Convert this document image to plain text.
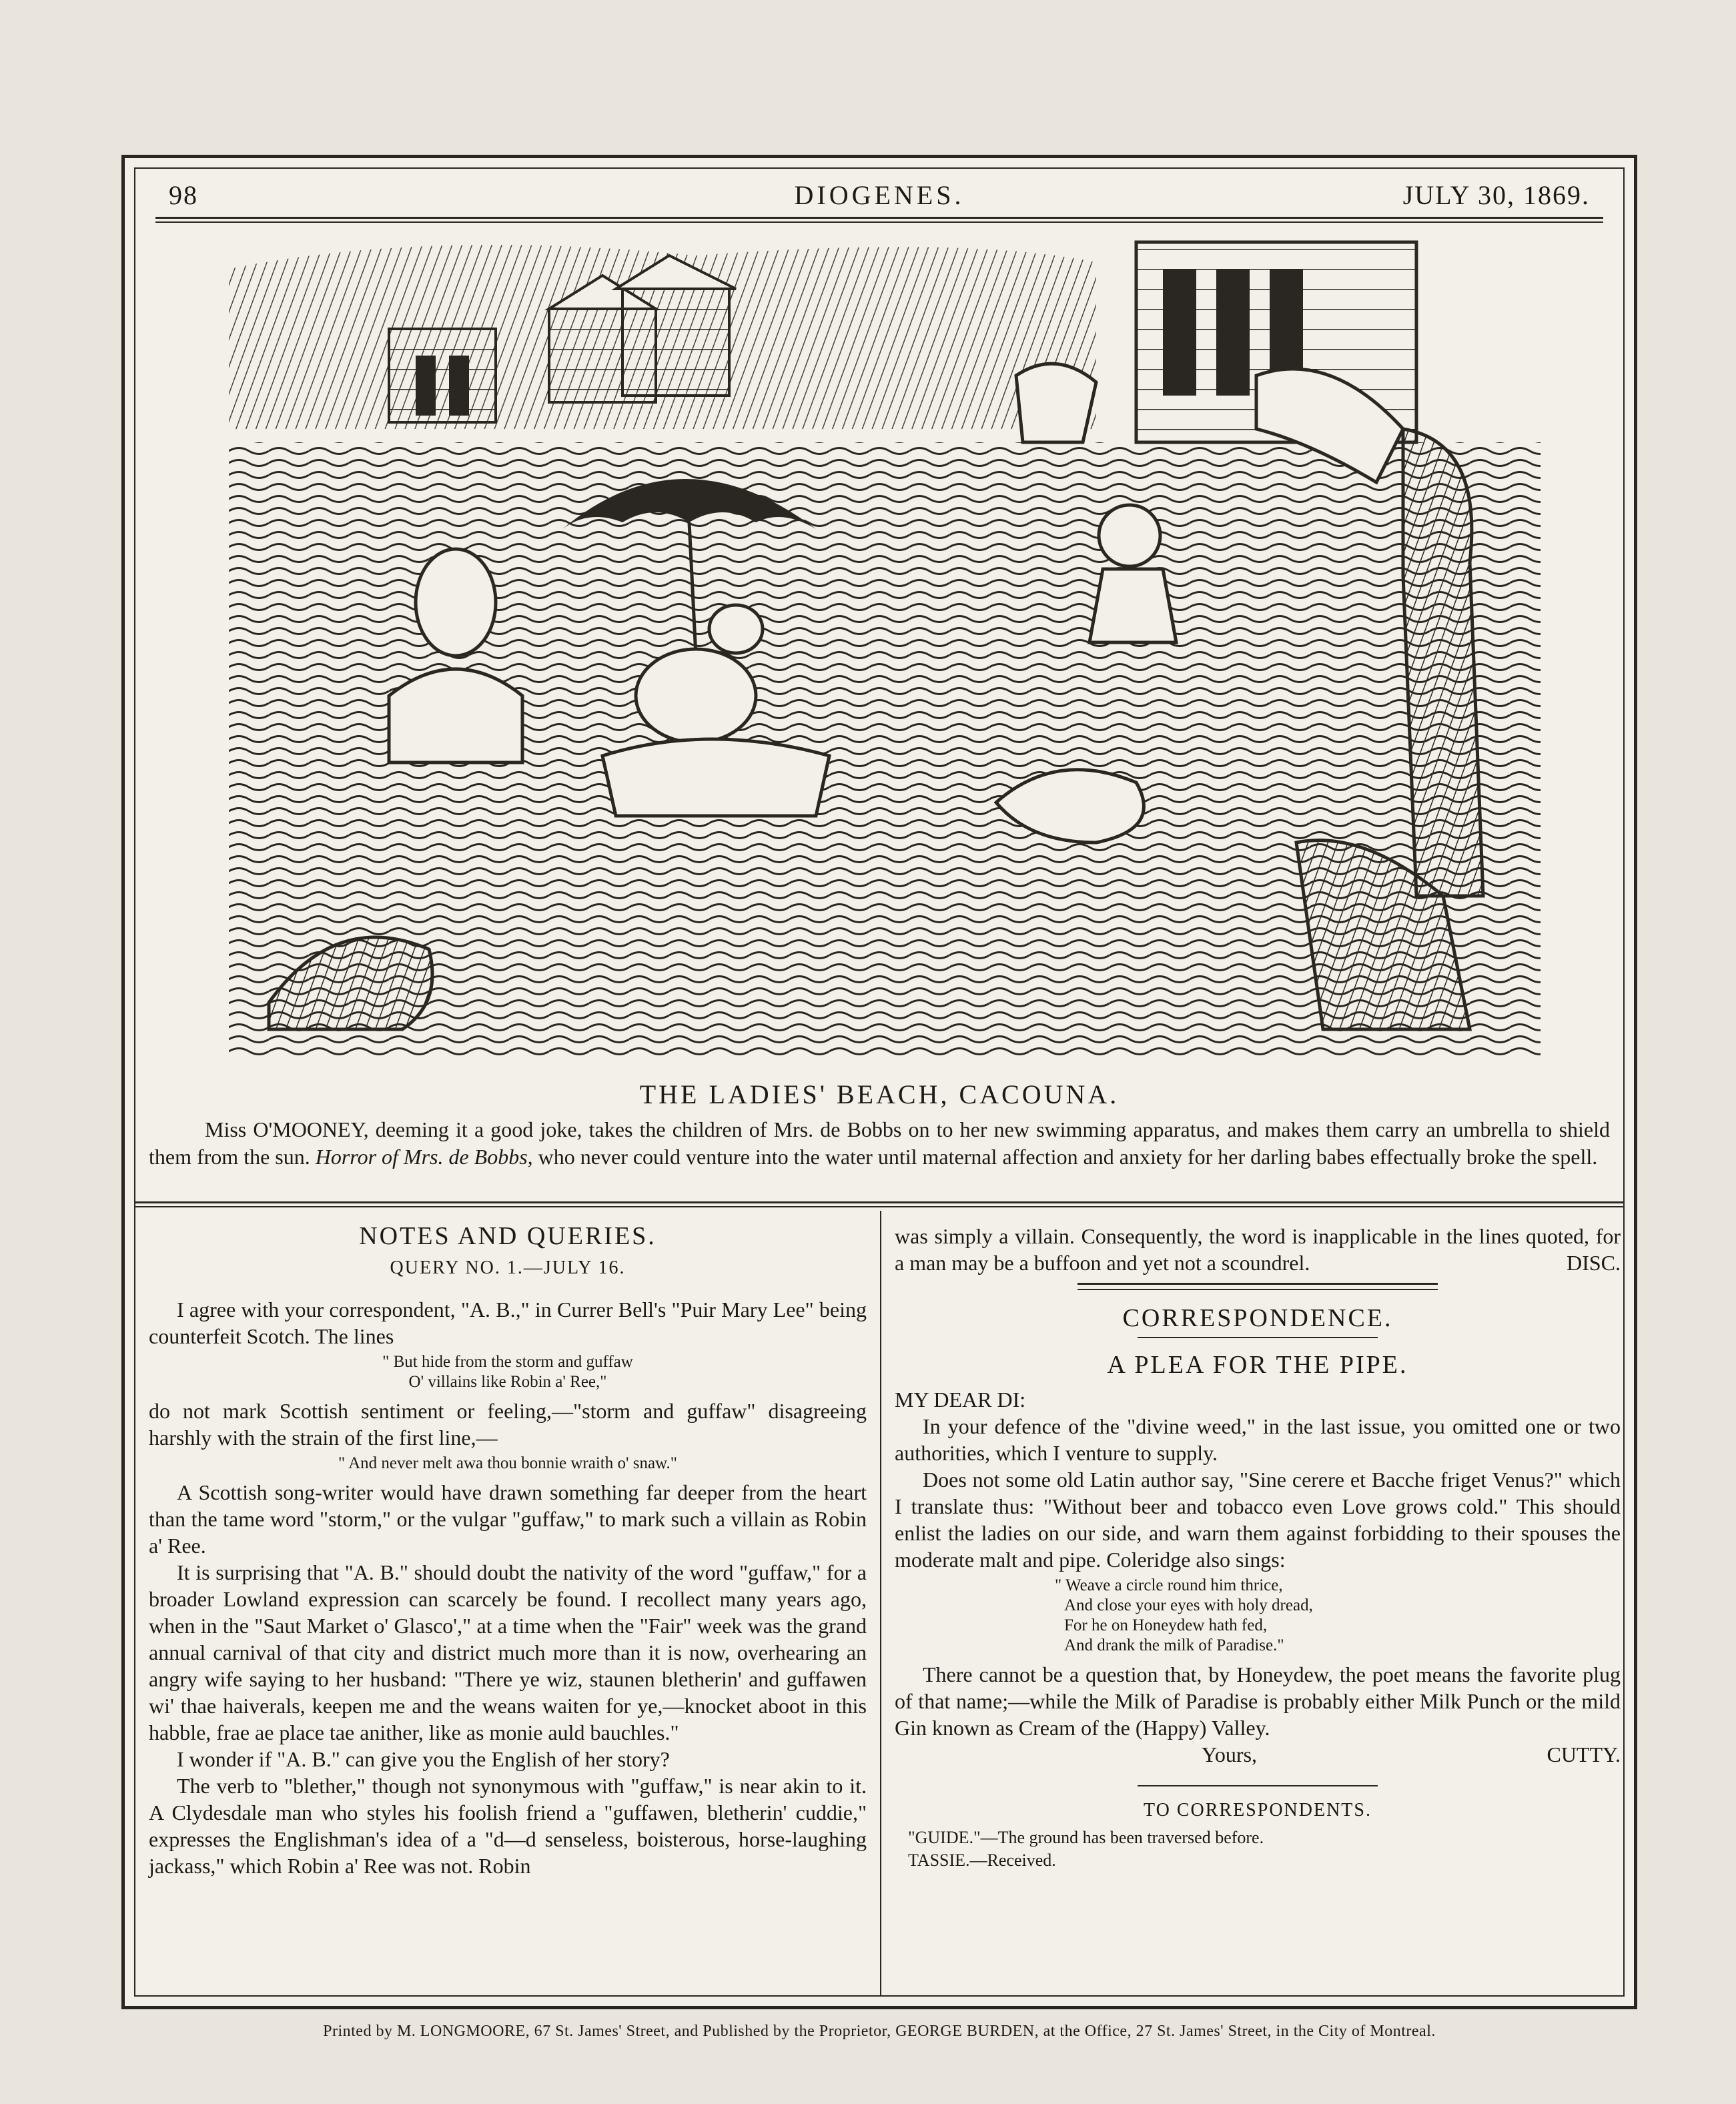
98	DIOGENES.	JULY 30, 1869.
THE LADIES' BEACH, CACOUNA.

Miss O'MOONEY, deeming it a good joke, takes the children of Mrs. de Bobbs on to her new swimming apparatus, and makes them carry an umbrella to shield them from the sun. Horror of Mrs. de Bobbs, who never could venture into the water until maternal affection and anxiety for her darling babes effectually broke the spell.

NOTES AND QUERIES.
QUERY NO. 1.—JULY 16.

I agree with your correspondent, "A. B.," in Currer Bell's "Puir Mary Lee" being counterfeit Scotch. The lines

" But hide from the storm and guffaw
O' villains like Robin a' Ree,"

do not mark Scottish sentiment or feeling,—"storm and guffaw" disagreeing harshly with the strain of the first line,—

" And never melt awa thou bonnie wraith o' snaw."

A Scottish song-writer would have drawn something far deeper from the heart than the tame word "storm," or the vulgar "guffaw," to mark such a villain as Robin a' Ree.

It is surprising that "A. B." should doubt the nativity of the word "guffaw," for a broader Lowland expression can scarcely be found. I recollect many years ago, when in the "Saut Market o' Glasco'," at a time when the "Fair" week was the grand annual carnival of that city and district much more than it is now, overhearing an angry wife saying to her husband: "There ye wiz, staunen bletherin' and guffawen wi' thae haiverals, keepen me and the weans waiten for ye,—knocket aboot in this habble, frae ae place tae anither, like as monie auld bauchles."

I wonder if "A. B." can give you the English of her story?

The verb to "blether," though not synonymous with "guffaw," is near akin to it. A Clydesdale man who styles his foolish friend a "guffawen, bletherin' cuddie," expresses the Englishman's idea of a "d—d senseless, boisterous, horse-laughing jackass," which Robin a' Ree was not. Robin

was simply a villain. Consequently, the word is inapplicable in the lines quoted, for a man may be a buffoon and yet not a scoundrel.	DISC.
CORRESPONDENCE.
A PLEA FOR THE PIPE.

MY DEAR DI:

In your defence of the "divine weed," in the last issue, you omitted one or two authorities, which I venture to supply.

Does not some old Latin author say, "Sine cerere et Bacche friget Venus?" which I translate thus: "Without beer and tobacco even Love grows cold." This should enlist the ladies on our side, and warn them against forbidding to their spouses the moderate malt and pipe. Coleridge also sings:

" Weave a circle round him thrice,
And close your eyes with holy dread,
For he on Honeydew hath fed,
And drank the milk of Paradise."

There cannot be a question that, by Honeydew, the poet means the favorite plug of that name;—while the Milk of Paradise is probably either Milk Punch or the mild Gin known as Cream of the (Happy) Valley.

Yours,	CUTTY.
TO CORRESPONDENTS.

"GUIDE."—The ground has been traversed before.

TASSIE.—Received.

Printed by M. LONGMOORE, 67 St. James' Street, and Published by the Proprietor, GEORGE BURDEN, at the Office, 27 St. James' Street, in the City of Montreal.
